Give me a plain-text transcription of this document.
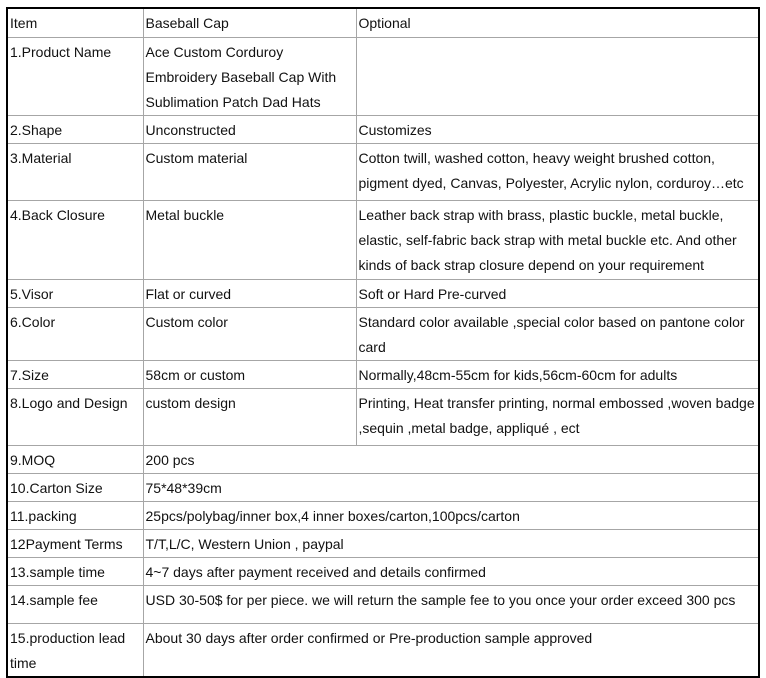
Item	Baseball Cap	Optional
1.Product Name	Ace Custom Corduroy Embroidery Baseball Cap With Sublimation Patch Dad Hats	
2.Shape	Unconstructed	Customizes
3.Material	Custom material	Cotton twill, washed cotton, heavy weight brushed cotton, pigment dyed, Canvas, Polyester, Acrylic nylon, corduroy…etc
4.Back Closure	Metal buckle	Leather back strap with brass, plastic buckle, metal buckle, elastic, self-fabric back strap with metal buckle etc. And other kinds of back strap closure depend on your requirement
5.Visor	Flat or curved	Soft or Hard Pre-curved
6.Color	Custom color	Standard color available ,special color based on pantone color card
7.Size	58cm or custom	Normally,48cm-55cm for kids,56cm-60cm for adults
8.Logo and Design	custom design	Printing, Heat transfer printing, normal embossed ,woven badge ,sequin ,metal badge, appliqué , ect
9.MOQ	200 pcs	
10.Carton Size	75*48*39cm	
11.packing	25pcs/polybag/inner box,4 inner boxes/carton,100pcs/carton	
12Payment Terms	T/T,L/C, Western Union , paypal	
13.sample time	4~7 days after payment received and details confirmed	
14.sample fee	USD 30-50$ for per piece. we will return the sample fee to you once your order exceed 300 pcs	
15.production lead time	About 30 days after order confirmed or Pre-production sample approved	
